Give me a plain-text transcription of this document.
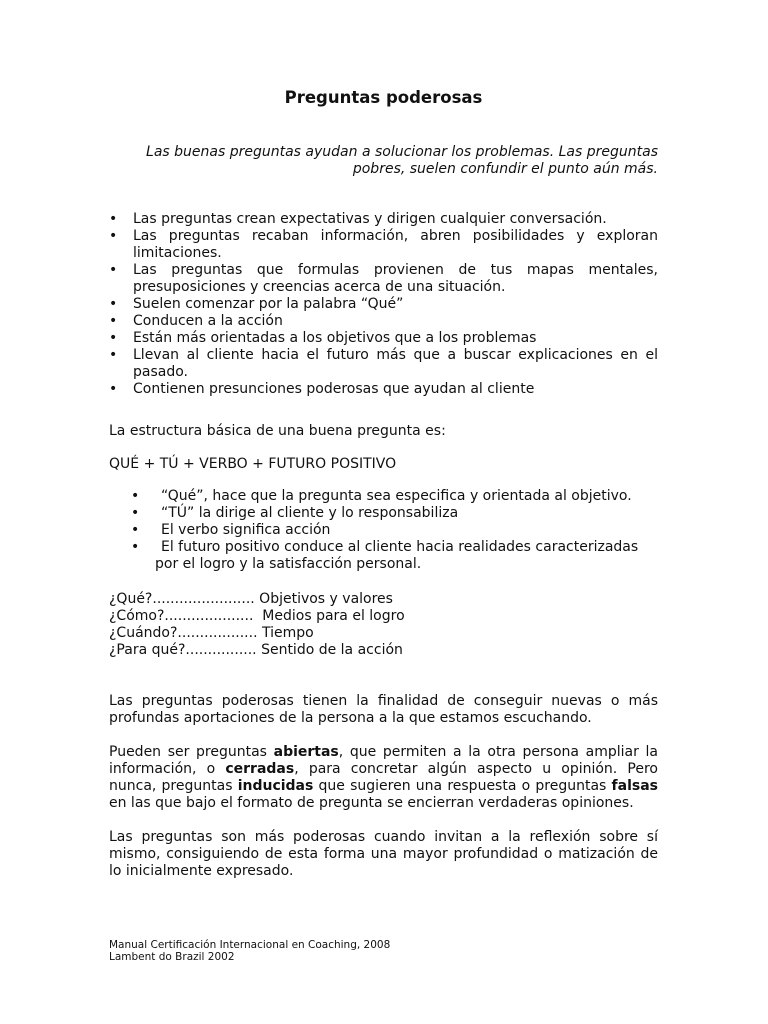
Preguntas poderosas
Las buenas preguntas ayudan a solucionar los problemas. Las preguntas
pobres, suelen confundir el punto aún más.
• Las preguntas crean expectativas y dirigen cualquier conversación.
• Las preguntas recaban información, abren posibilidades y exploran limitaciones.
• Las preguntas que formulas provienen de tus mapas mentales, presuposiciones y creencias acerca de una situación.
• Suelen comenzar por la palabra “Qué”
• Conducen a la acción
• Están más orientadas a los objetivos que a los problemas
• Llevan al cliente hacia el futuro más que a buscar explicaciones en el pasado.
• Contienen presunciones poderosas que ayudan al cliente
La estructura básica de una buena pregunta es:
QUÉ + TÚ + VERBO + FUTURO POSITIVO
• “Qué”, hace que la pregunta sea especifica y orientada al objetivo.
• “TÚ” la dirige al cliente y lo responsabiliza
• El verbo significa acción
• El futuro positivo conduce al cliente hacia realidades caracterizadas
por el logro y la satisfacción personal.
¿Qué?....................... Objetivos y valores
¿Cómo?....................  Medios para el logro
¿Cuándo?.................. Tiempo
¿Para qué?................ Sentido de la acción
Las preguntas poderosas tienen la finalidad de conseguir nuevas o más profundas aportaciones de la persona a la que estamos escuchando.
Pueden ser preguntas abiertas, que permiten a la otra persona ampliar la información, o cerradas, para concretar algún aspecto u opinión. Pero nunca, preguntas inducidas que sugieren una respuesta o preguntas falsas en las que bajo el formato de pregunta se encierran verdaderas opiniones.
Las preguntas son más poderosas cuando invitan a la reflexión sobre sí mismo, consiguiendo de esta forma una mayor profundidad o matización de lo inicialmente expresado.
Manual Certificación Internacional en Coaching, 2008
Lambent do Brazil 2002
